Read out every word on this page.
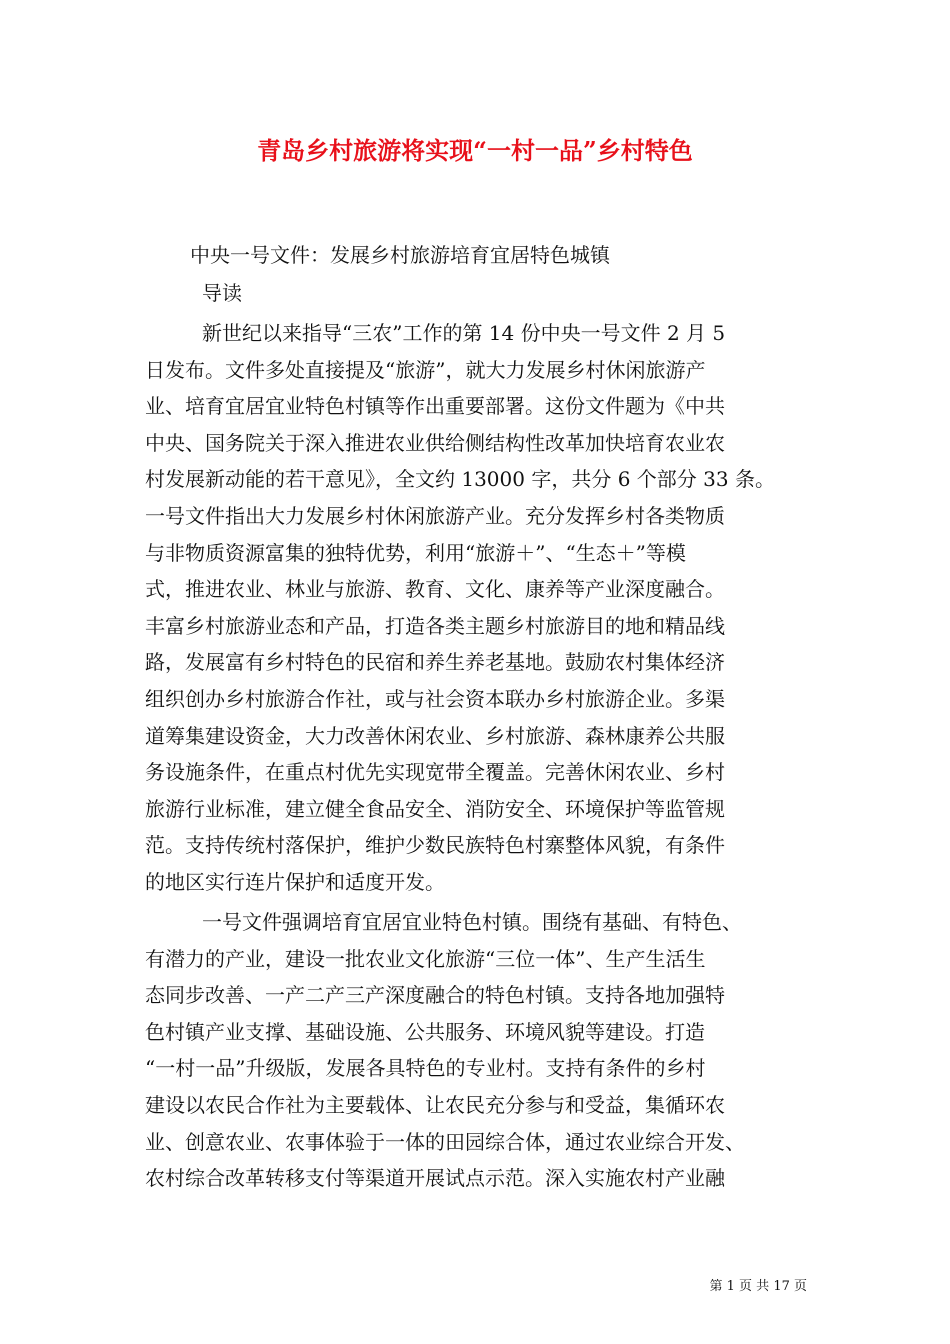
青岛乡村旅游将实现“一村一品”乡村特色
中央一号文件：发展乡村旅游培育宜居特色城镇
导读
新世纪以来指导“三农”工作的第 14 份中央一号文件 2 月 5
日发布。文件多处直接提及“旅游”，就大力发展乡村休闲旅游产
业、培育宜居宜业特色村镇等作出重要部署。这份文件题为《中共
中央、国务院关于深入推进农业供给侧结构性改革加快培育农业农
村发展新动能的若干意见》，全文约 13000 字，共分 6 个部分 33 条。
一号文件指出大力发展乡村休闲旅游产业。充分发挥乡村各类物质
与非物质资源富集的独特优势，利用“旅游＋”、“生态＋”等模
式，推进农业、林业与旅游、教育、文化、康养等产业深度融合。
丰富乡村旅游业态和产品，打造各类主题乡村旅游目的地和精品线
路，发展富有乡村特色的民宿和养生养老基地。鼓励农村集体经济
组织创办乡村旅游合作社，或与社会资本联办乡村旅游企业。多渠
道筹集建设资金，大力改善休闲农业、乡村旅游、森林康养公共服
务设施条件，在重点村优先实现宽带全覆盖。完善休闲农业、乡村
旅游行业标准，建立健全食品安全、消防安全、环境保护等监管规
范。支持传统村落保护，维护少数民族特色村寨整体风貌，有条件
的地区实行连片保护和适度开发。
一号文件强调培育宜居宜业特色村镇。围绕有基础、有特色、
有潜力的产业，建设一批农业文化旅游“三位一体”、生产生活生
态同步改善、一产二产三产深度融合的特色村镇。支持各地加强特
色村镇产业支撑、基础设施、公共服务、环境风貌等建设。打造
“一村一品”升级版，发展各具特色的专业村。支持有条件的乡村
建设以农民合作社为主要载体、让农民充分参与和受益，集循环农
业、创意农业、农事体验于一体的田园综合体，通过农业综合开发、
农村综合改革转移支付等渠道开展试点示范。深入实施农村产业融
第 1 页 共 17 页
